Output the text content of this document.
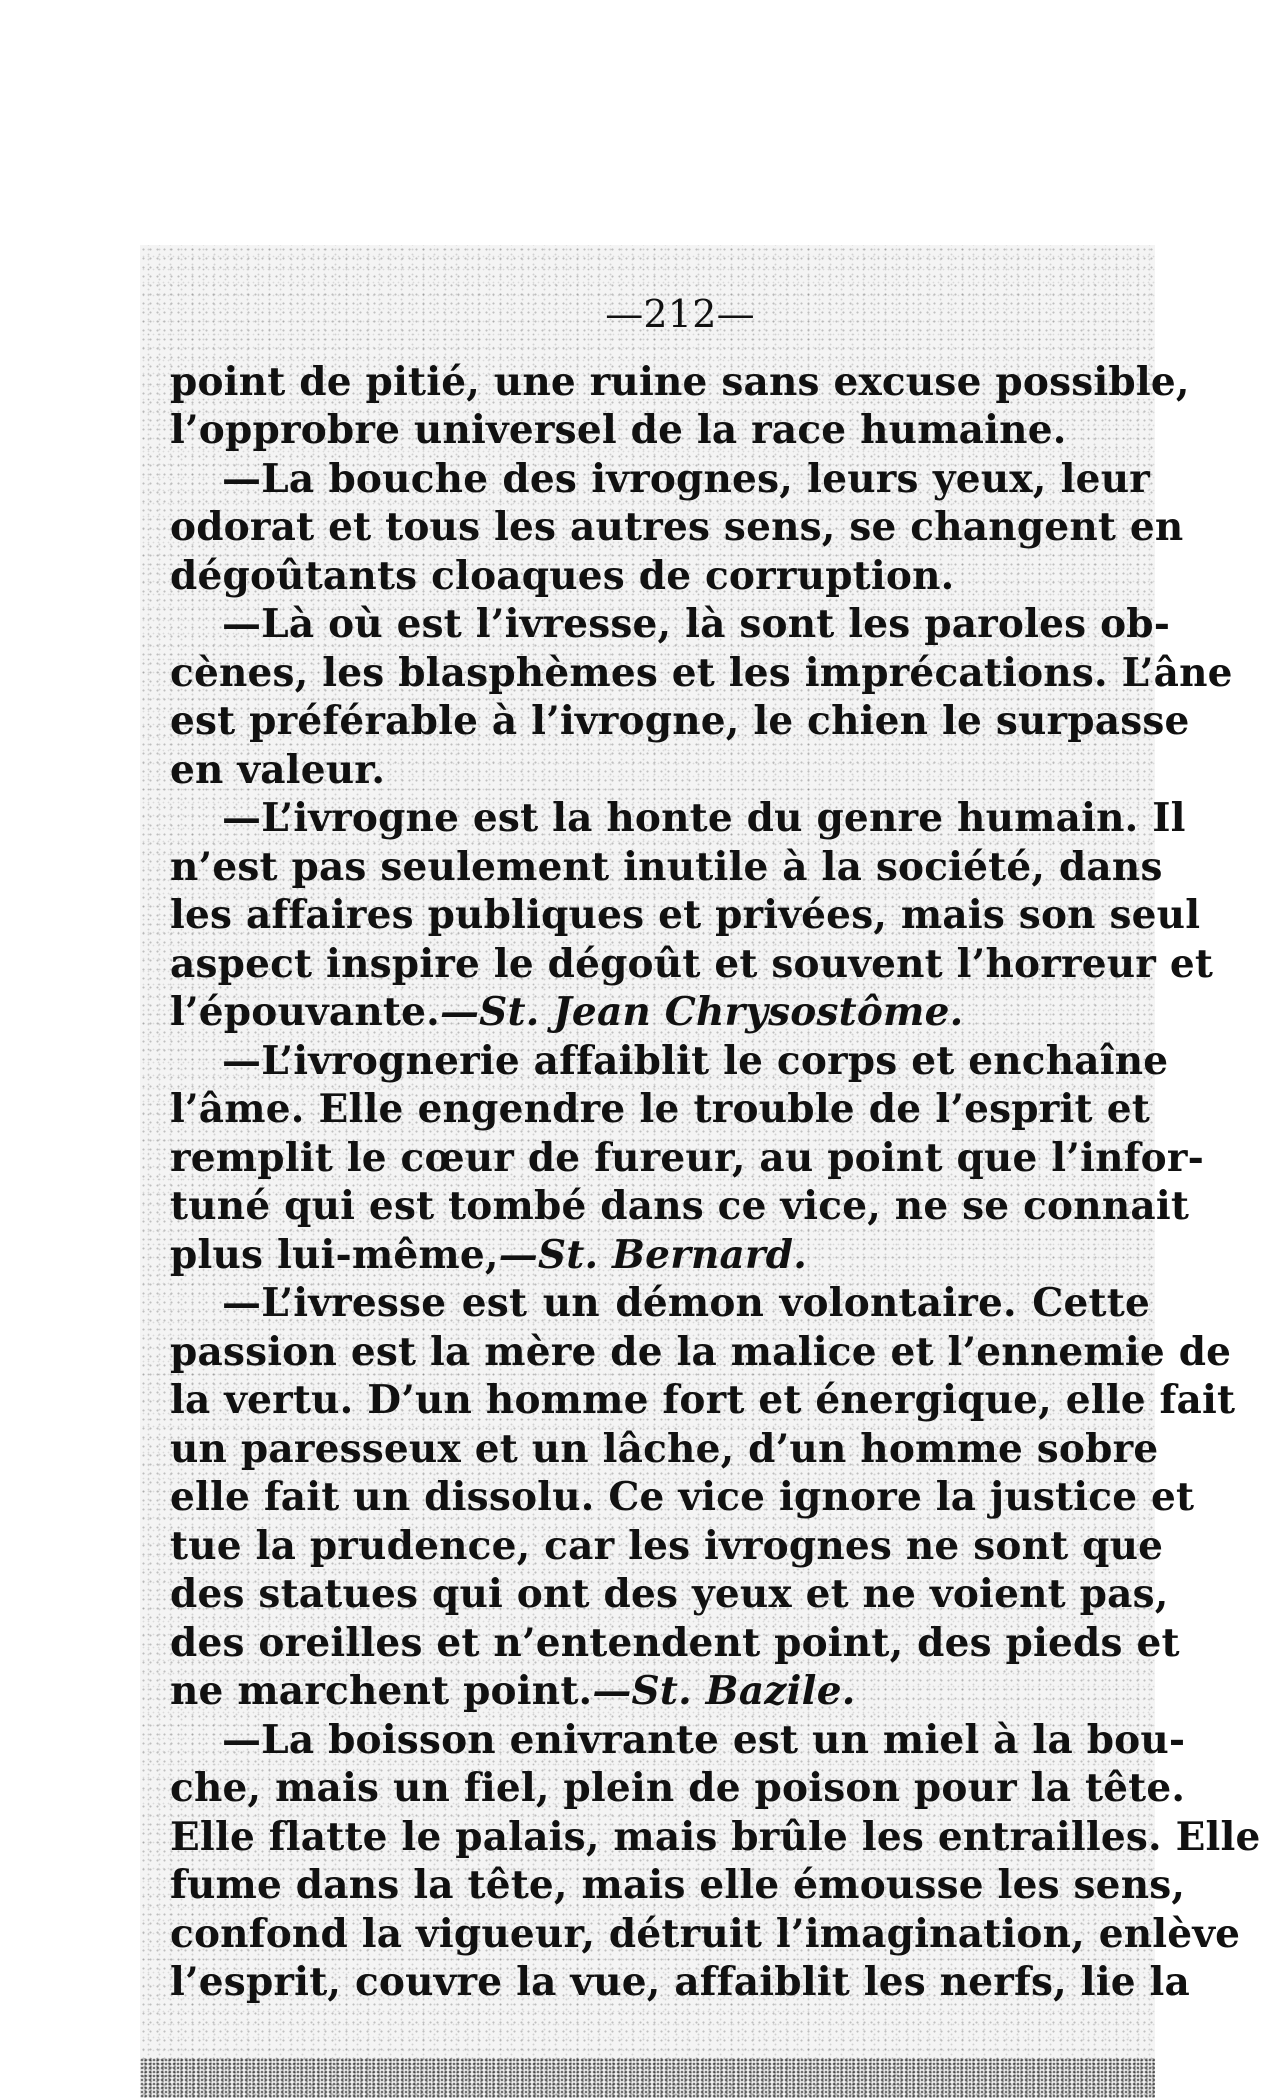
—212—
point de pitié, une ruine sans excuse possible,
l’opprobre universel de la race humaine.
—La bouche des ivrognes, leurs yeux, leur
odorat et tous les autres sens, se changent en
dégoûtants cloaques de corruption.
—Là où est l’ivresse, là sont les paroles ob-
cènes, les blasphèmes et les imprécations. L’âne
est préférable à l’ivrogne, le chien le surpasse
en valeur.
—L’ivrogne est la honte du genre humain. Il
n’est pas seulement inutile à la société, dans
les affaires publiques et privées, mais son seul
aspect inspire le dégoût et souvent l’horreur et
l’épouvante.—St. Jean Chrysostôme.
—L’ivrognerie affaiblit le corps et enchaîne
l’âme. Elle engendre le trouble de l’esprit et
remplit le cœur de fureur, au point que l’infor-
tuné qui est tombé dans ce vice, ne se connait
plus lui-même,—St. Bernard.
—L’ivresse est un démon volontaire. Cette
passion est la mère de la malice et l’ennemie de
la vertu. D’un homme fort et énergique, elle fait
un paresseux et un lâche, d’un homme sobre
elle fait un dissolu. Ce vice ignore la justice et
tue la prudence, car les ivrognes ne sont que
des statues qui ont des yeux et ne voient pas,
des oreilles et n’entendent point, des pieds et
ne marchent point.—St. Bazile.
—La boisson enivrante est un miel à la bou-
che, mais un fiel, plein de poison pour la tête.
Elle flatte le palais, mais brûle les entrailles. Elle
fume dans la tête, mais elle émousse les sens,
confond la vigueur, détruit l’imagination, enlève
l’esprit, couvre la vue, affaiblit les nerfs, lie la
